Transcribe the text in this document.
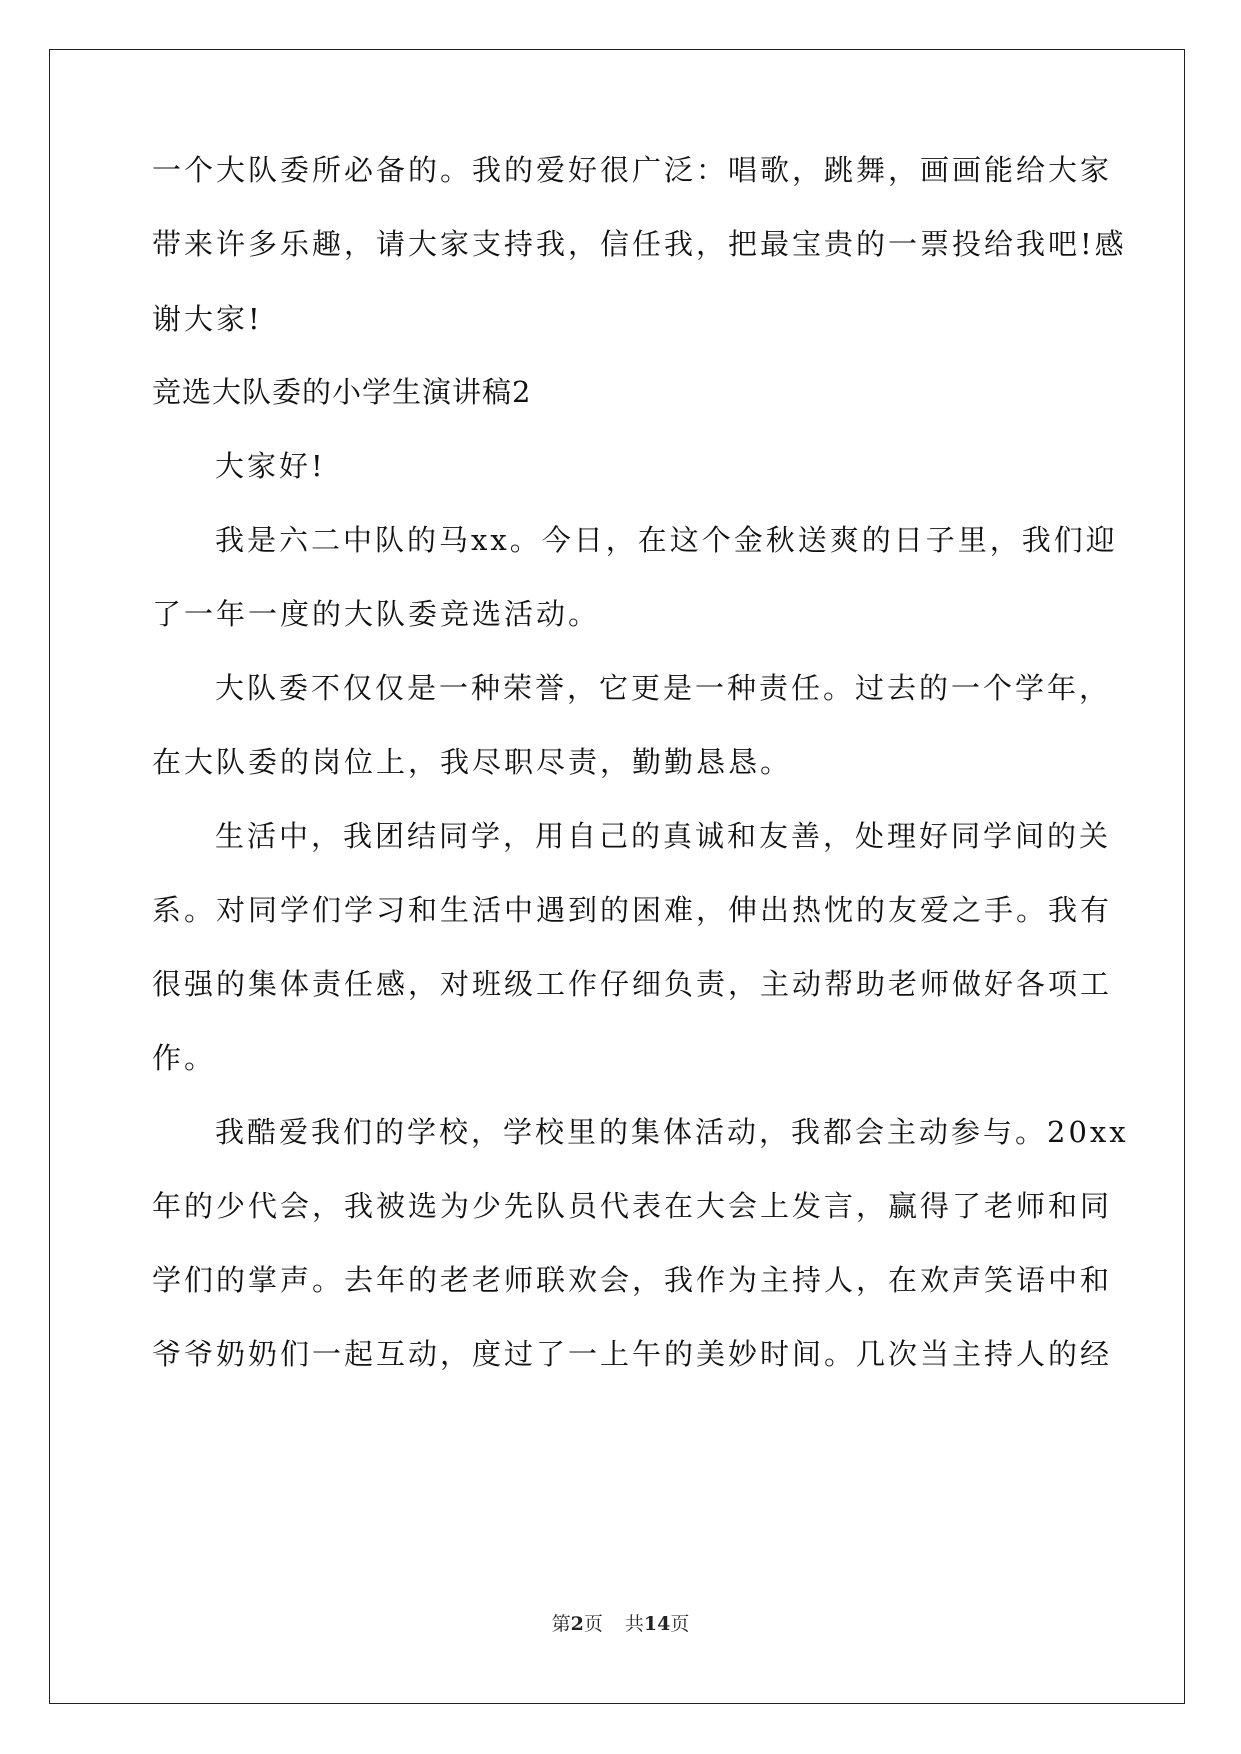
一个大队委所必备的。我的爱好很广泛：唱歌，跳舞，画画能给大家
带来许多乐趣，请大家支持我，信任我，把最宝贵的一票投给我吧!感
谢大家!
竞选大队委的小学生演讲稿2
大家好!
我是六二中队的马xx。今日，在这个金秋送爽的日子里，我们迎
了一年一度的大队委竞选活动。
大队委不仅仅是一种荣誉，它更是一种责任。过去的一个学年，
在大队委的岗位上，我尽职尽责，勤勤恳恳。
生活中，我团结同学，用自己的真诚和友善，处理好同学间的关
系。对同学们学习和生活中遇到的困难，伸出热忱的友爱之手。我有
很强的集体责任感，对班级工作仔细负责，主动帮助老师做好各项工
作。
我酷爱我们的学校，学校里的集体活动，我都会主动参与。20xx
年的少代会，我被选为少先队员代表在大会上发言，赢得了老师和同
学们的掌声。去年的老老师联欢会，我作为主持人，在欢声笑语中和
爷爷奶奶们一起互动，度过了一上午的美妙时间。几次当主持人的经
第2页 共14页
